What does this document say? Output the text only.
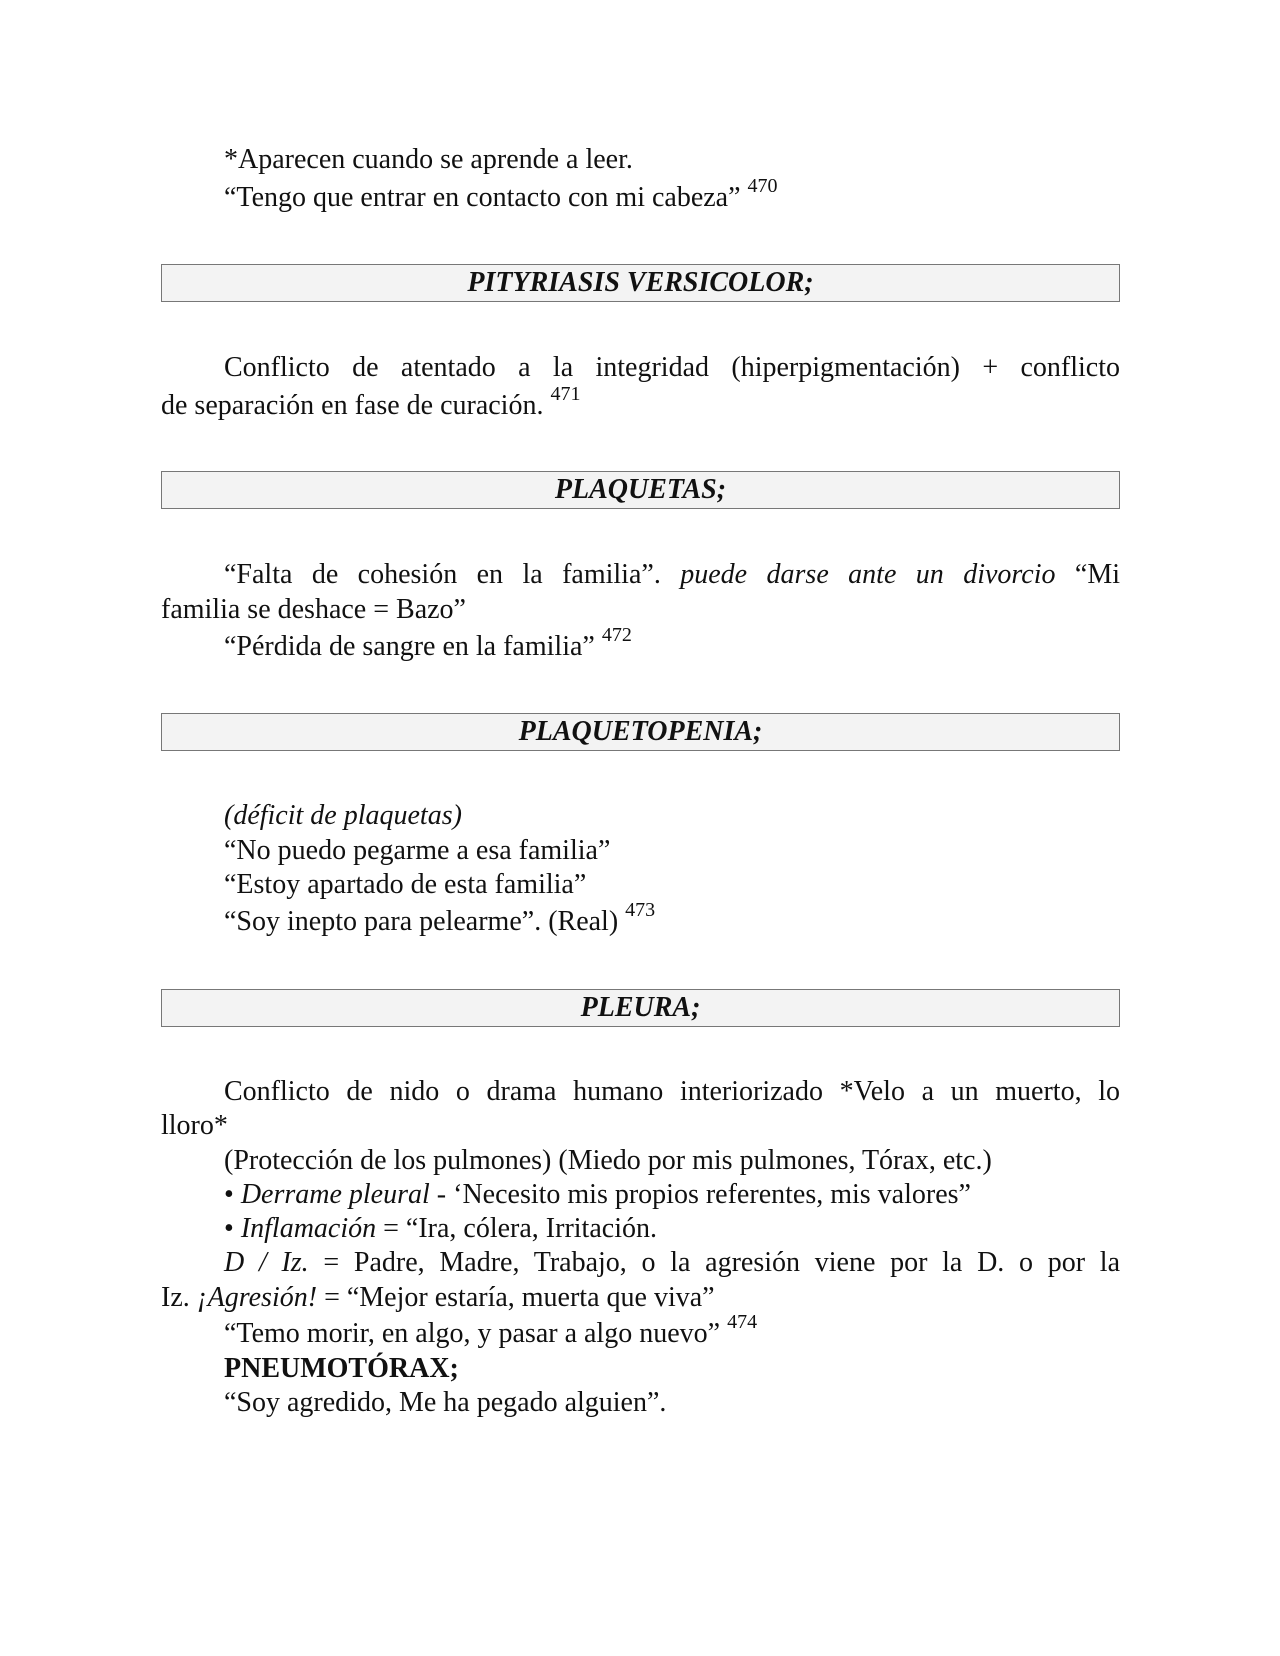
*Aparecen cuando se aprende a leer.
“Tengo que entrar en contacto con mi cabeza” $^{470}$
PITYRIASIS VERSICOLOR;
Conflicto de atentado a la integridad (hiperpigmentación) + conflicto
de separación en fase de curación. $^{471}$
PLAQUETAS;
“Falta de cohesión en la familia”. puede darse ante un divorcio “Mi
familia se deshace = Bazo”
“Pérdida de sangre en la familia” $^{472}$
PLAQUETOPENIA;
(déficit de plaquetas)
“No puedo pegarme a esa familia”
“Estoy apartado de esta familia”
“Soy inepto para pelearme”. (Real) $^{473}$
PLEURA;
Conflicto de nido o drama humano interiorizado *Velo a un muerto, lo
lloro*
(Protección de los pulmones) (Miedo por mis pulmones, Tórax, etc.)
• Derrame pleural - ‘Necesito mis propios referentes, mis valores”
• Inflamación = “Ira, cólera, Irritación.
D / Iz. = Padre, Madre, Trabajo, o la agresión viene por la D. o por la
Iz. ¡Agresión! = “Mejor estaría, muerta que viva”
“Temo morir, en algo, y pasar a algo nuevo” $^{474}$
PNEUMOTÓRAX;
“Soy agredido, Me ha pegado alguien”.
